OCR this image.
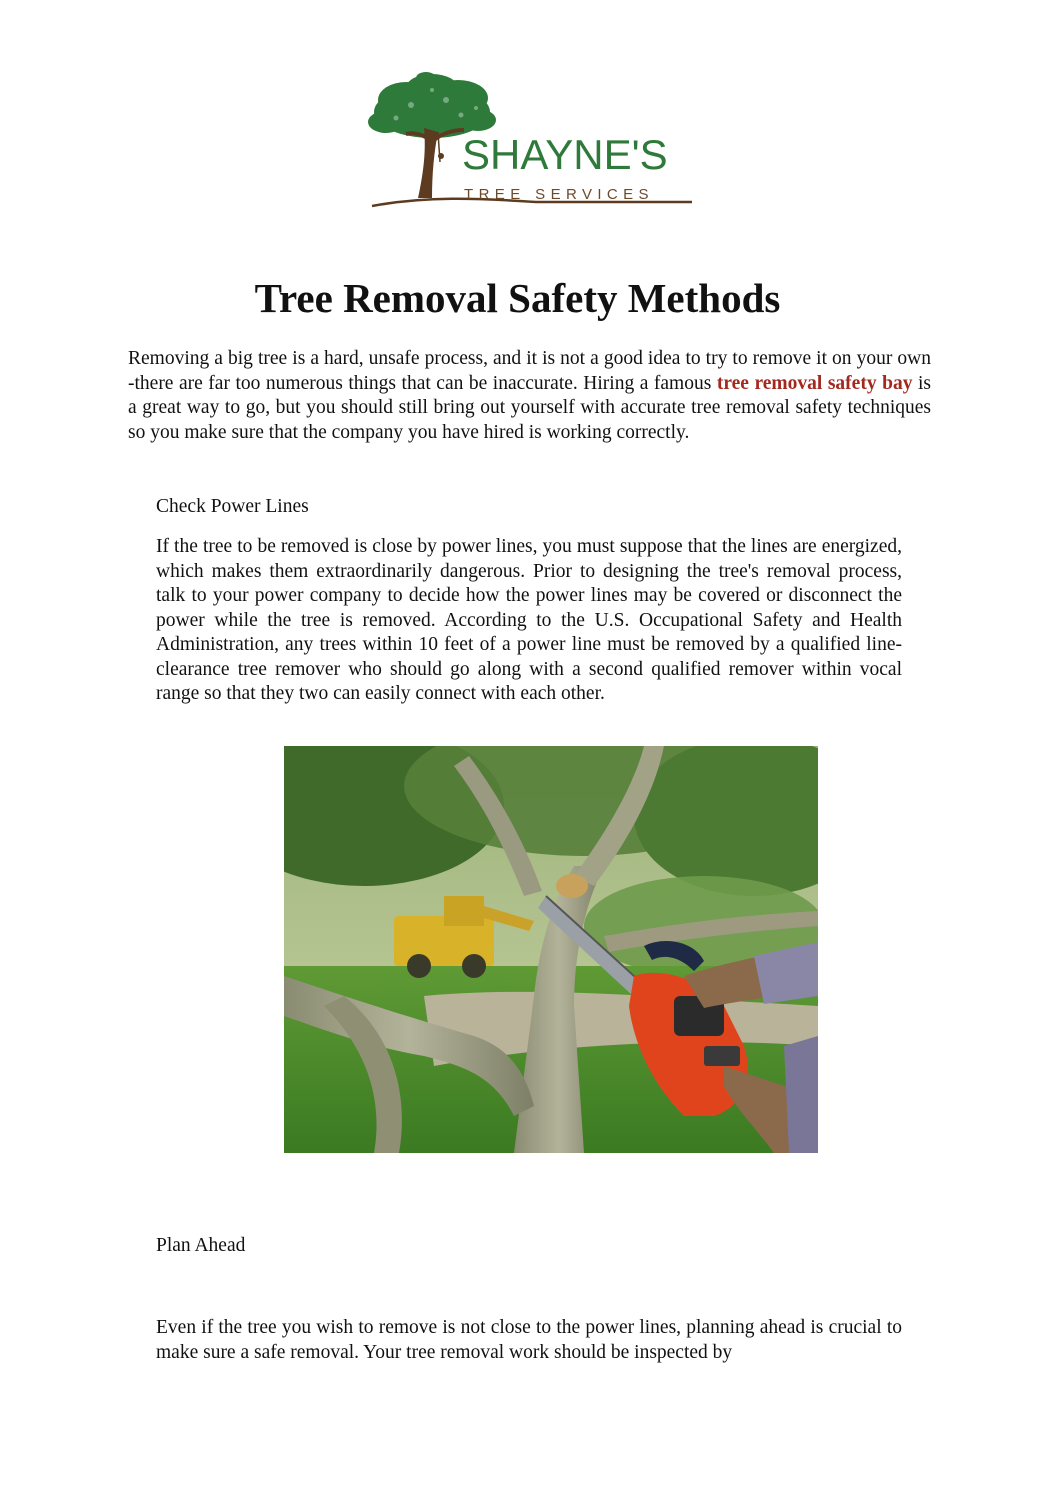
SHAYNE'S
TREE SERVICES
Tree Removal Safety Methods

Removing a big tree is a hard, unsafe process, and it is not a good idea to try to remove it on your own -there are far too numerous things that can be inaccurate. Hiring a famous tree removal safety bay is a great way to go, but you should still bring out yourself with accurate tree removal safety techniques so you make sure that the company you have hired is working correctly.

Check Power Lines

If the tree to be removed is close by power lines, you must suppose that the lines are energized, which makes them extraordinarily dangerous. Prior to designing the tree's removal process, talk to your power company to decide how the power lines may be covered or disconnect the power while the tree is removed. According to the U.S. Occupational Safety and Health Administration, any trees within 10 feet of a power line must be removed by a qualified line-clearance tree remover who should go along with a second qualified remover within vocal range so that they two can easily connect with each other.

Plan Ahead

Even if the tree you wish to remove is not close to the power lines, planning ahead is crucial to make sure a safe removal. Your tree removal work should be inspected by
